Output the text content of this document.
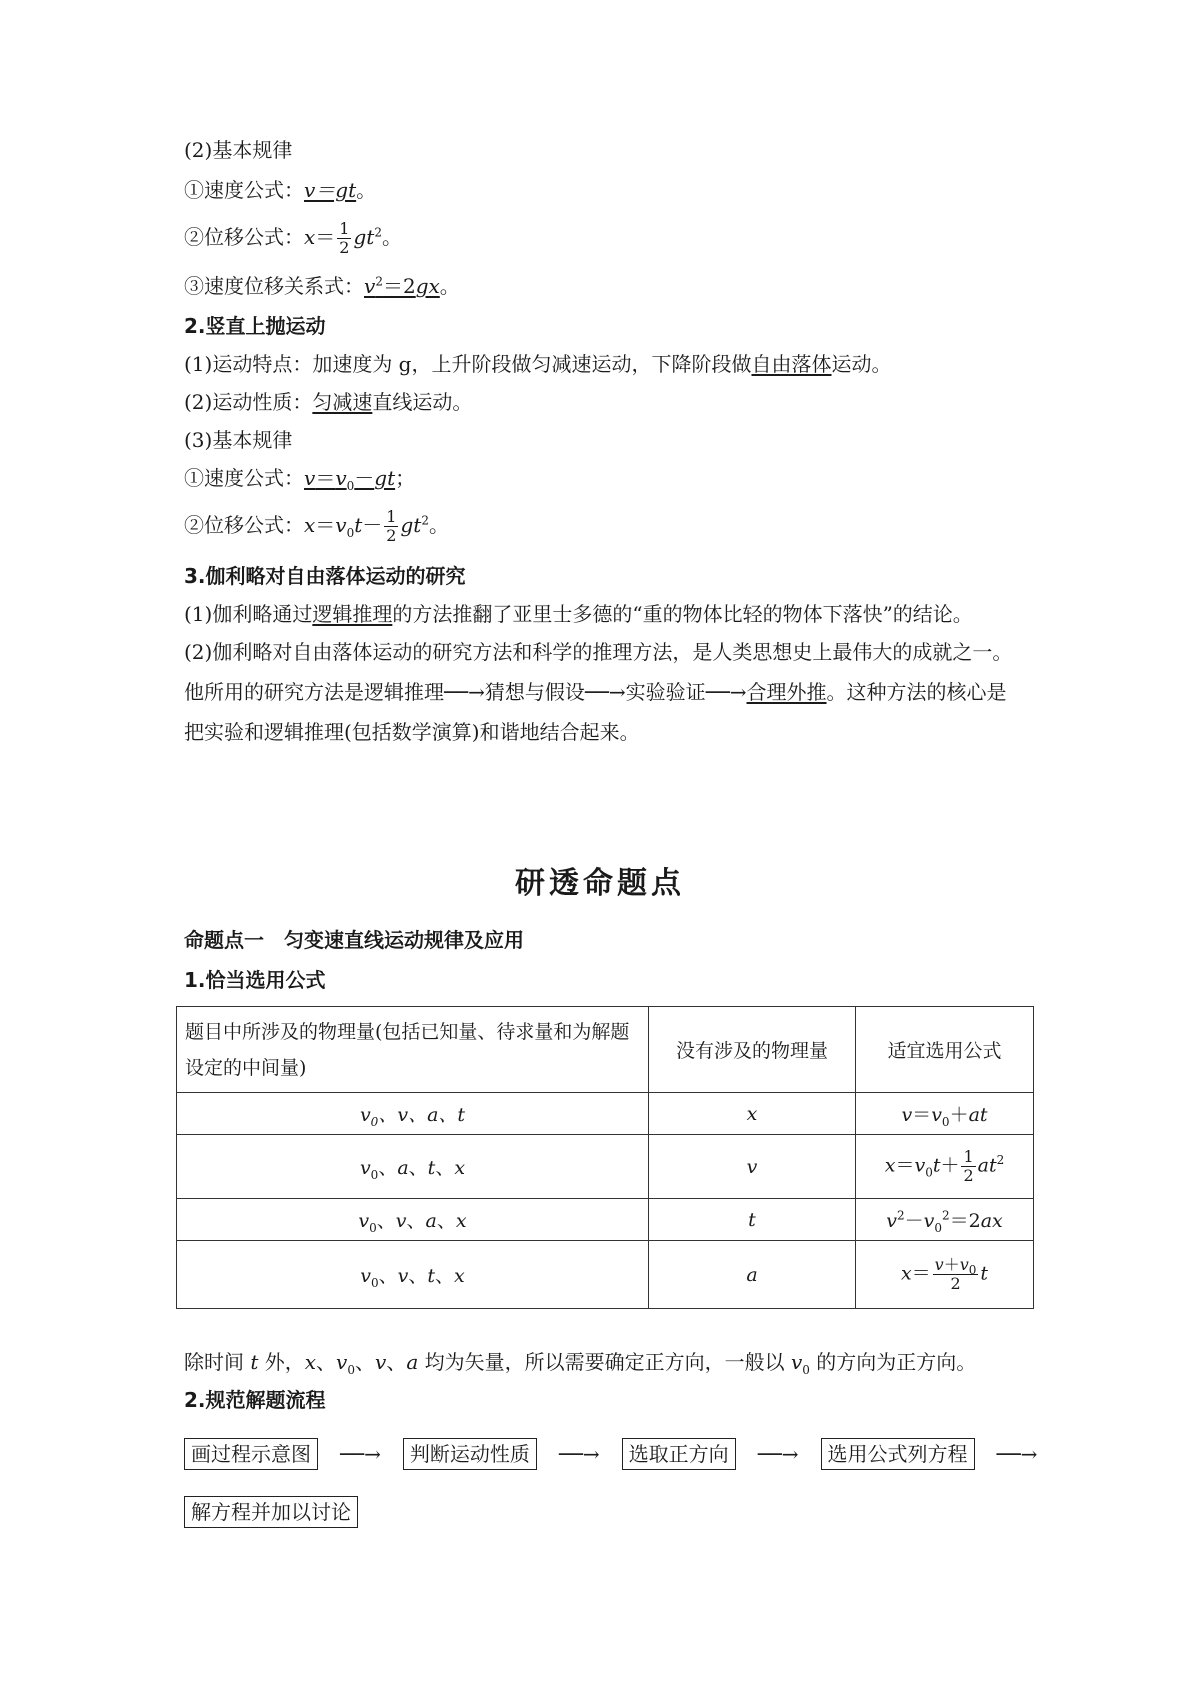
(2)基本规律
①速度公式：v＝gt。
②位移公式：$x= \frac{1}{2} gt^2$。
③速度位移关系式：$v^2=2gx$。
2.竖直上抛运动
(1)运动特点：加速度为 g，上升阶段做匀减速运动，下降阶段做自由落体运动。
(2)运动性质：匀减速直线运动。
(3)基本规律
①速度公式：$v=v_0-gt$；
②位移公式：$x=v_0t- \frac{1}{2} gt^2$。
3.伽利略对自由落体运动的研究
(1)伽利略通过逻辑推理的方法推翻了亚里士多德的“重的物体比轻的物体下落快”的结论。
(2)伽利略对自由落体运动的研究方法和科学的推理方法，是人类思想史上最伟大的成就之一。他所用的研究方法是逻辑推理──→猜想与假设──→实验验证──→合理外推。这种方法的核心是把实验和逻辑推理(包括数学演算)和谐地结合起来。
研透命题点
命题点一　匀变速直线运动规律及应用
1.恰当选用公式
题目中所涉及的物理量(包括已知量、待求量和为解题设定的中间量)	没有涉及的物理量	适宜选用公式
$v_0$、v、a、t	x	$v=v_0+at$
$v_0$、a、t、x	v	$x=v_0t+ \frac{1}{2} at^2$
$v_0$、v、a、x	t	$v^2-v_0^2=2ax$
$v_0$、v、t、x	a	$x= \frac{v+v_0}{2}$ t
除时间 t 外，x、$v_0$、v、a 均为矢量，所以需要确定正方向，一般以 $v_0$ 的方向为正方向。
2.规范解题流程
画过程示意图	──→	判断运动性质	──→	选取正方向	──→	选用公式列方程	──→
解方程并加以讨论
